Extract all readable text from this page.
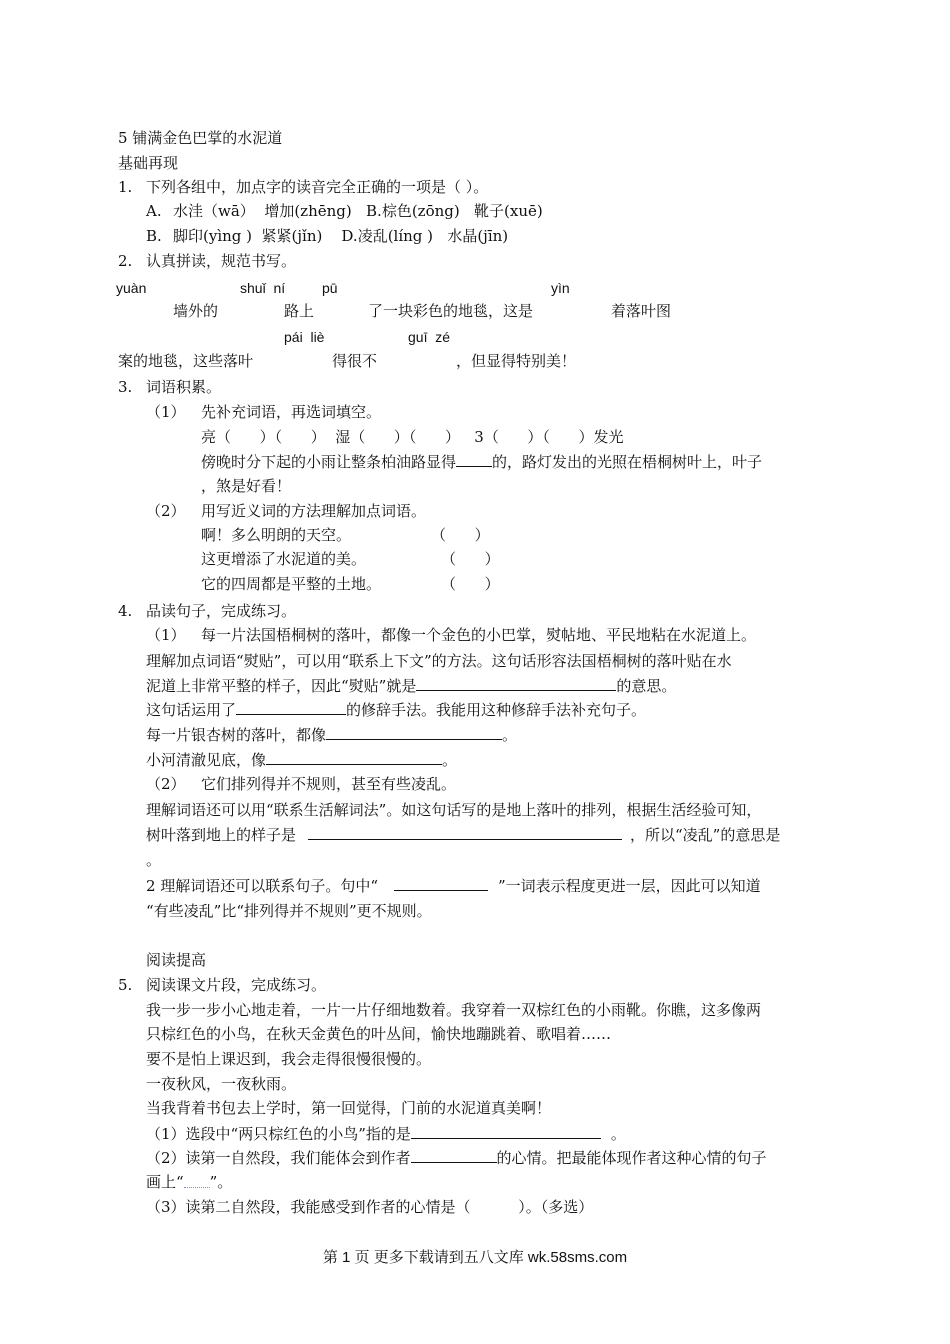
5 铺满金色巴掌的水泥道
基础再现
1. 下列各组中，加点字的读音完全正确的一项是（ ）。
A. 水洼（wā）  增加(zhēng)   B.棕色(zōng)   靴子(xuē)
B. 脚印(yìng )  紧紧(jǐn)    D.凌乱(líng )   水晶(jīn)
2. 认真拼读，规范书写。
yuàn	shuǐ  ní	pū	yìn
墙外的	路上	了一块彩色的地毯，这是	着落叶图
pái  liè	guī  zé
案的地毯，这些落叶	得很不	，但显得特别美！
3. 词语积累。
（1） 先补充词语，再选词填空。
亮（      ）（      ）  湿（      ）（      ）   3（      ）（      ）发光
傍晚时分下起的小雨让整条柏油路显得 的，路灯发出的光照在梧桐树叶上，叶子
，煞是好看！
（2） 用写近义词的方法理解加点词语。
啊！多么明朗的天空。	（      ）
这更增添了水泥道的美。	（      ）
它的四周都是平整的土地。	（      ）
4. 品读句子，完成练习。
（1） 每一片法国梧桐树的落叶，都像一个金色的小巴掌，熨帖地、平民地粘在水泥道上。
理解加点词语“熨贴”，可以用“联系上下文”的方法。这句话形容法国梧桐树的落叶贴在水
泥道上非常平整的样子，因此“熨贴”就是	的意思。
这句话运用了	的修辞手法。我能用这种修辞手法补充句子。
每一片银杏树的落叶，都像	。
小河清澈见底，像	。
（2） 它们排列得并不规则，甚至有些凌乱。
理解词语还可以用“联系生活解词法”。如这句话写的是地上落叶的排列，根据生活经验可知，
树叶落到地上的样子是	，所以“凌乱”的意思是
。
2 理解词语还可以联系句子。句中“	”一词表示程度更进一层，因此可以知道
“有些凌乱”比“排列得并不规则”更不规则。
阅读提高
5. 阅读课文片段，完成练习。
我一步一步小心地走着，一片一片仔细地数着。我穿着一双棕红色的小雨靴。你瞧，这多像两
只棕红色的小鸟，在秋天金黄色的叶丛间，愉快地蹦跳着、歌唱着……
要不是怕上课迟到，我会走得很慢很慢的。
一夜秋风，一夜秋雨。
当我背着书包去上学时，第一回觉得，门前的水泥道真美啊！
（1）选段中“两只棕红色的小鸟”指的是	。
（2）读第一自然段，我们能体会到作者	的心情。把最能体现作者这种心情的句子
画上“ ”。
（3）读第二自然段，我能感受到作者的心情是（          ）。（多选）
第 1 页 更多下载请到五八文库 wk.58sms.com
